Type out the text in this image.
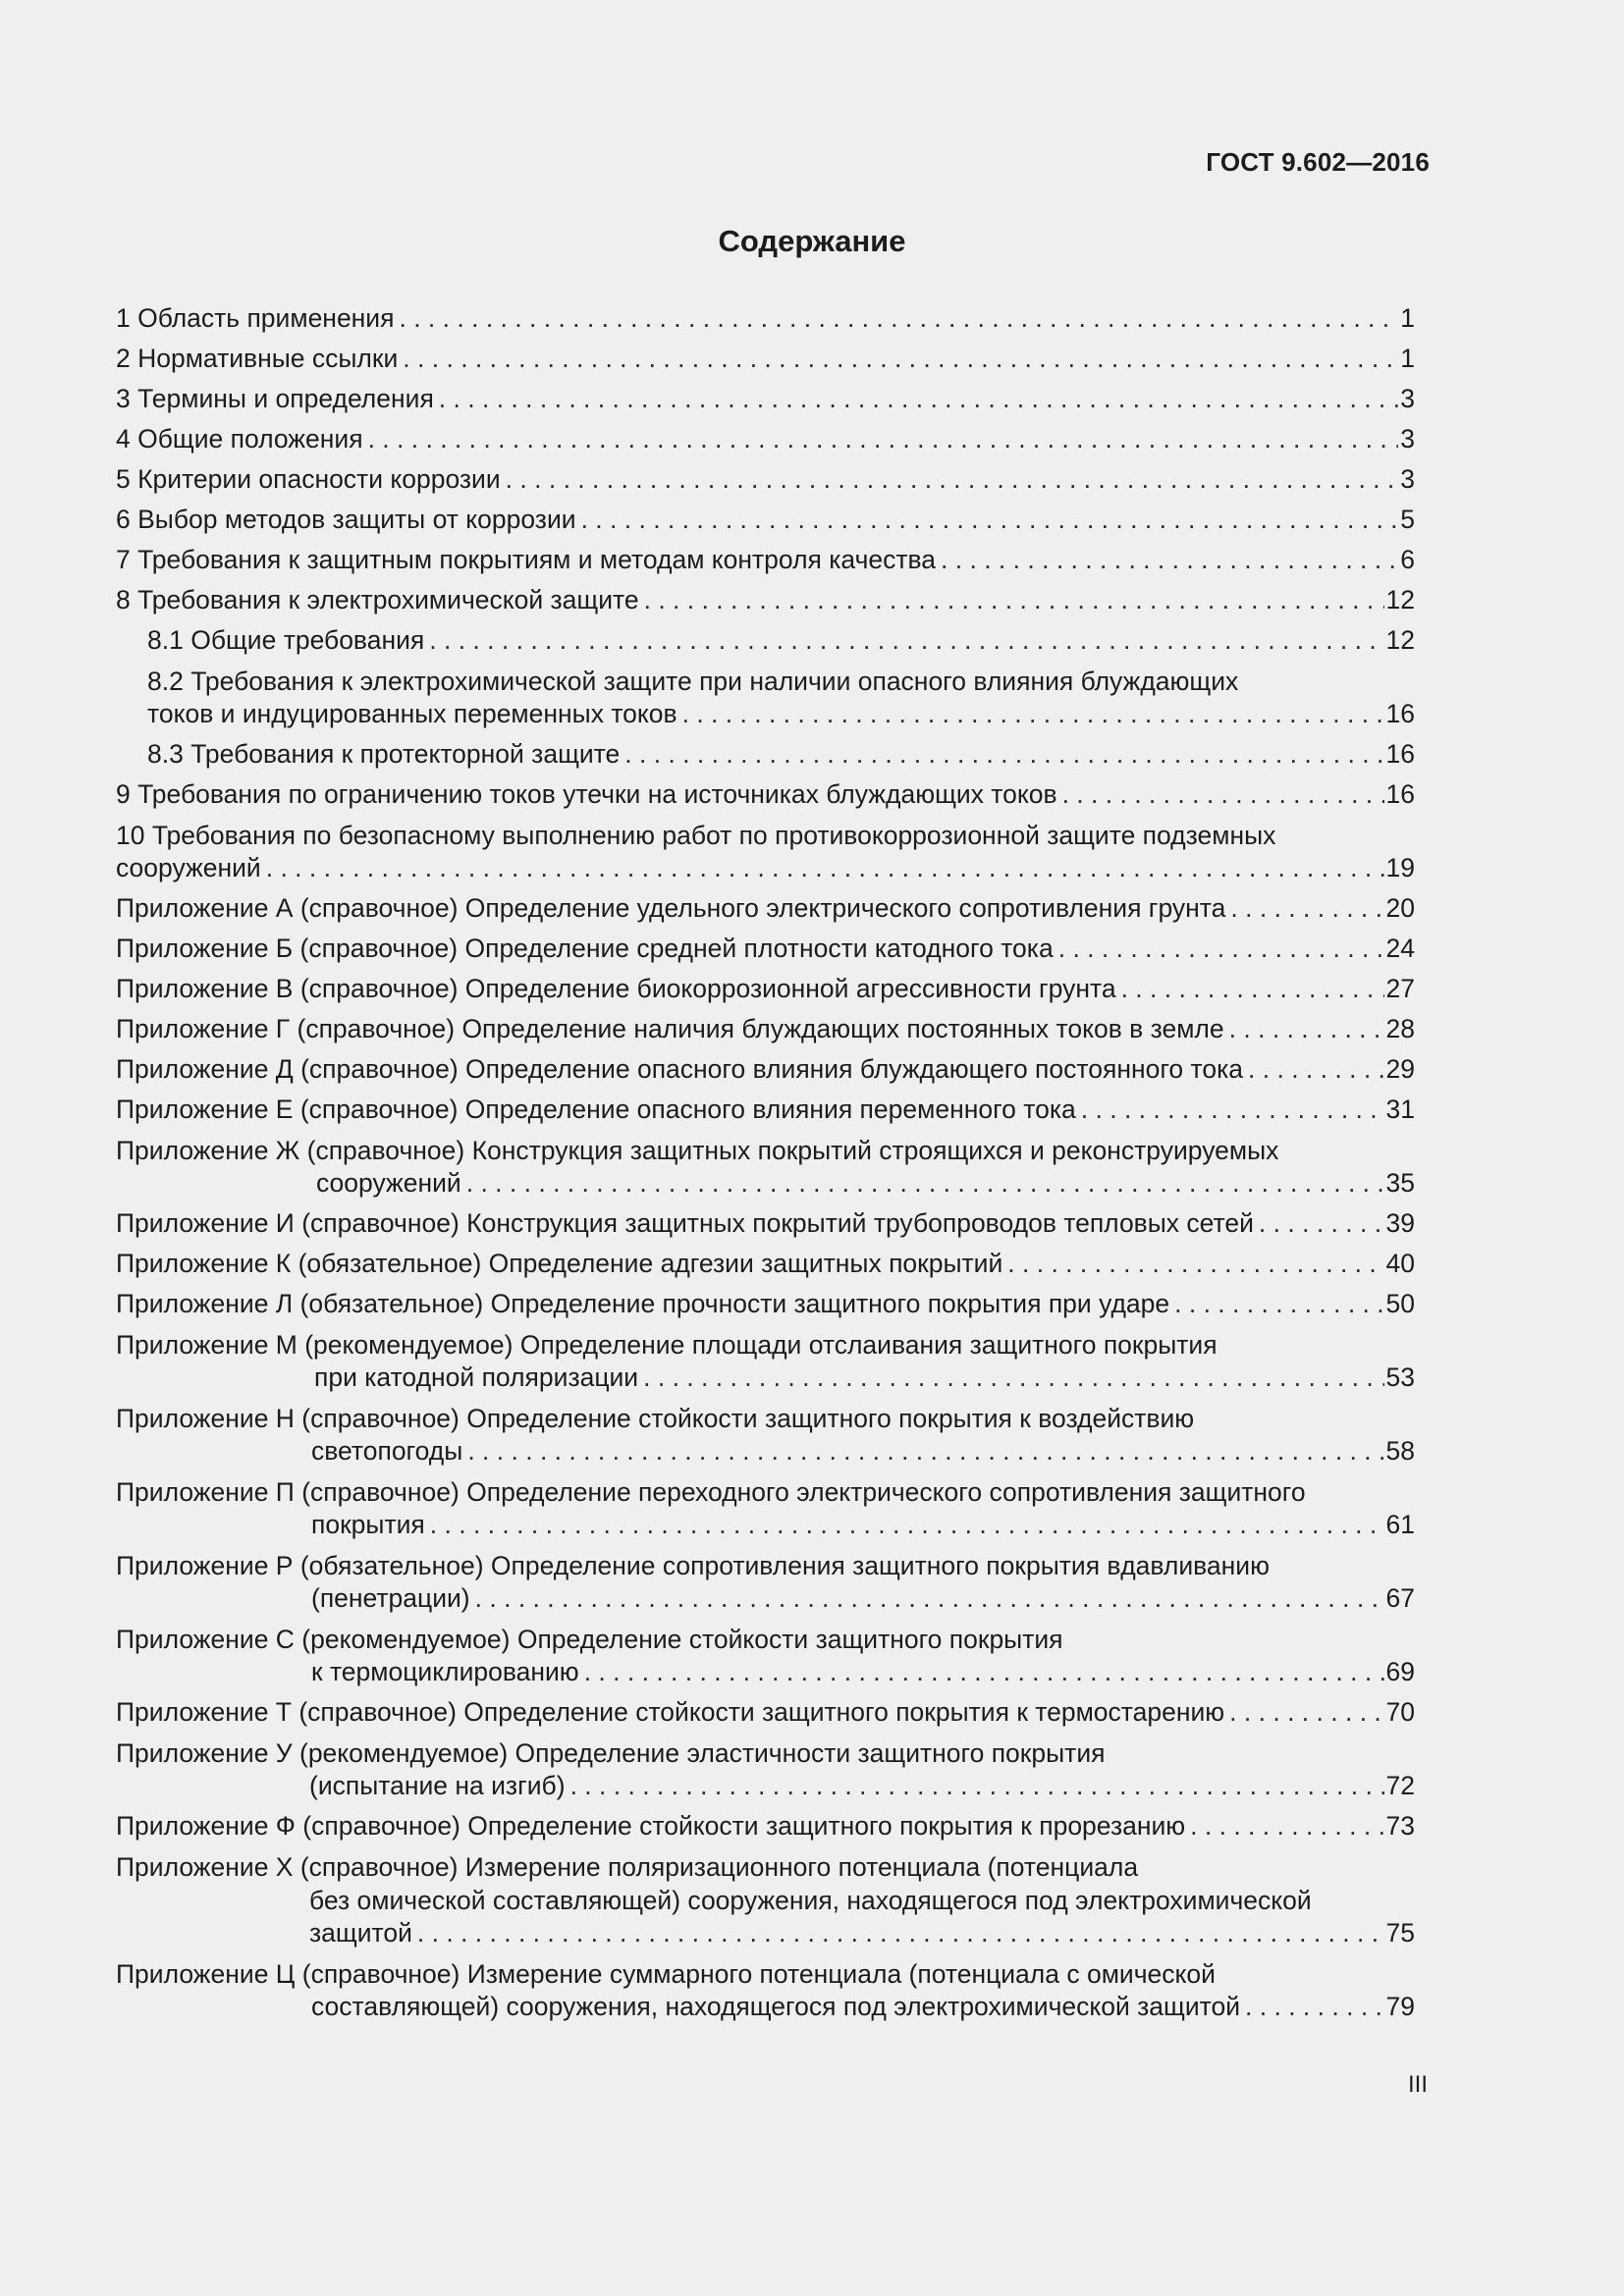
ГОСТ 9.602—2016
Содержание
1 Область применения . . .	1
2 Нормативные ссылки . . .	1
3 Термины и определения . . .	3
4 Общие положения . . .	3
5 Критерии опасности коррозии . . .	3
6 Выбор методов защиты от коррозии . . .	5
7 Требования к защитным покрытиям и методам контроля качества . . .	6
8 Требования к электрохимической защите . . .	12
8.1 Общие требования . . .	12
8.2 Требования к электрохимической защите при наличии опасного влияния блуждающих
токов и индуцированных переменных токов . . .	16
8.3 Требования к протекторной защите . . .	16
9 Требования по ограничению токов утечки на источниках блуждающих токов . . .	16
10 Требования по безопасному выполнению работ по противокоррозионной защите подземных
сооружений . . .	19
Приложение А (справочное) Определение удельного электрического сопротивления грунта . . .	20
Приложение Б (справочное) Определение средней плотности катодного тока . . .	24
Приложение В (справочное) Определение биокоррозионной агрессивности грунта . . .	27
Приложение Г (справочное) Определение наличия блуждающих постоянных токов в земле . . .	28
Приложение Д (справочное) Определение опасного влияния блуждающего постоянного тока . . .	29
Приложение Е (справочное) Определение опасного влияния переменного тока . . .	31
Приложение Ж (справочное) Конструкция защитных покрытий строящихся и реконструируемых
сооружений . . .	35
Приложение И (справочное) Конструкция защитных покрытий трубопроводов тепловых сетей . . .	39
Приложение К (обязательное) Определение адгезии защитных покрытий . . .	40
Приложение Л (обязательное) Определение прочности защитного покрытия при ударе . . .	50
Приложение М (рекомендуемое) Определение площади отслаивания защитного покрытия
при катодной поляризации . . .	53
Приложение Н (справочное) Определение стойкости защитного покрытия к воздействию
светопогоды . . .	58
Приложение П (справочное) Определение переходного электрического сопротивления защитного
покрытия . . .	61
Приложение Р (обязательное) Определение сопротивления защитного покрытия вдавливанию
(пенетрации) . . .	67
Приложение С (рекомендуемое) Определение стойкости защитного покрытия
к термоциклированию . . .	69
Приложение Т (справочное) Определение стойкости защитного покрытия к термостарению . . .	70
Приложение У (рекомендуемое) Определение эластичности защитного покрытия
(испытание на изгиб) . . .	72
Приложение Ф (справочное) Определение стойкости защитного покрытия к прорезанию . . .	73
Приложение Х (справочное) Измерение поляризационного потенциала (потенциала
без омической составляющей) сооружения, находящегося под электрохимической
защитой . . .	75
Приложение Ц (справочное) Измерение суммарного потенциала (потенциала с омической
составляющей) сооружения, находящегося под электрохимической защитой . . .	79
III
